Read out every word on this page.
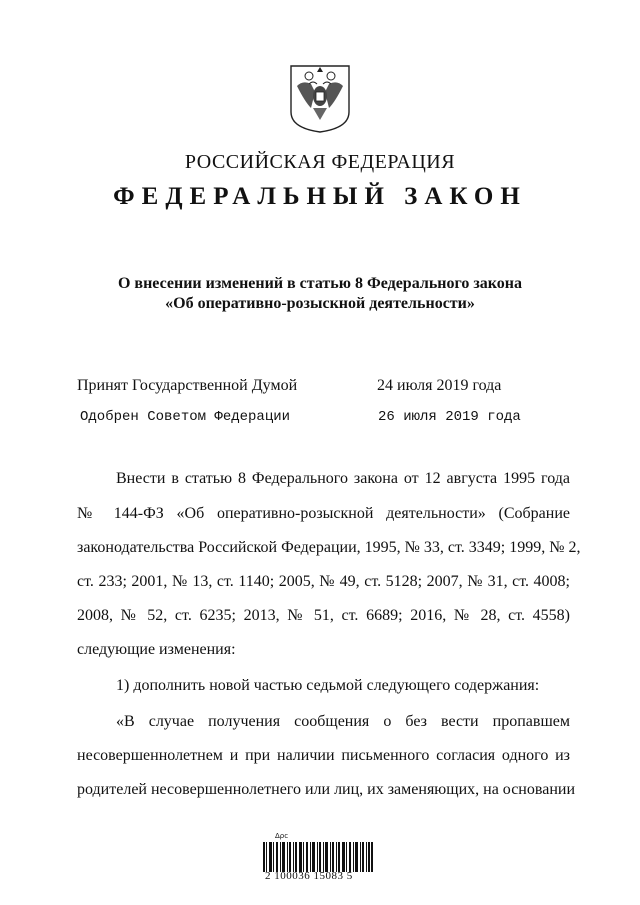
РОССИЙСКАЯ ФЕДЕРАЦИЯ
ФЕДЕРАЛЬНЫЙ ЗАКОН
О внесении изменений в статью 8 Федерального закона
«Об оперативно-розыскной деятельности»
Принят Государственной Думой	24 июля 2019 года
Одобрен Советом Федерации	26 июля 2019 года
Внести в статью 8 Федерального закона от 12 августа 1995 года
№ 144-ФЗ «Об оперативно-розыскной деятельности» (Собрание
законодательства Российской Федерации, 1995, № 33, ст. 3349; 1999, № 2,
ст. 233; 2001, № 13, ст. 1140; 2005, № 49, ст. 5128; 2007, № 31, ст. 4008;
2008, № 52, ст. 6235; 2013, № 51, ст. 6689; 2016, № 28, ст. 4558)
следующие изменения:
1) дополнить новой частью седьмой следующего содержания:
«В случае получения сообщения о без вести пропавшем
несовершеннолетнем и при наличии письменного согласия одного из
родителей несовершеннолетнего или лиц, их заменяющих, на основании
Δρc
2 100036 15083 5
